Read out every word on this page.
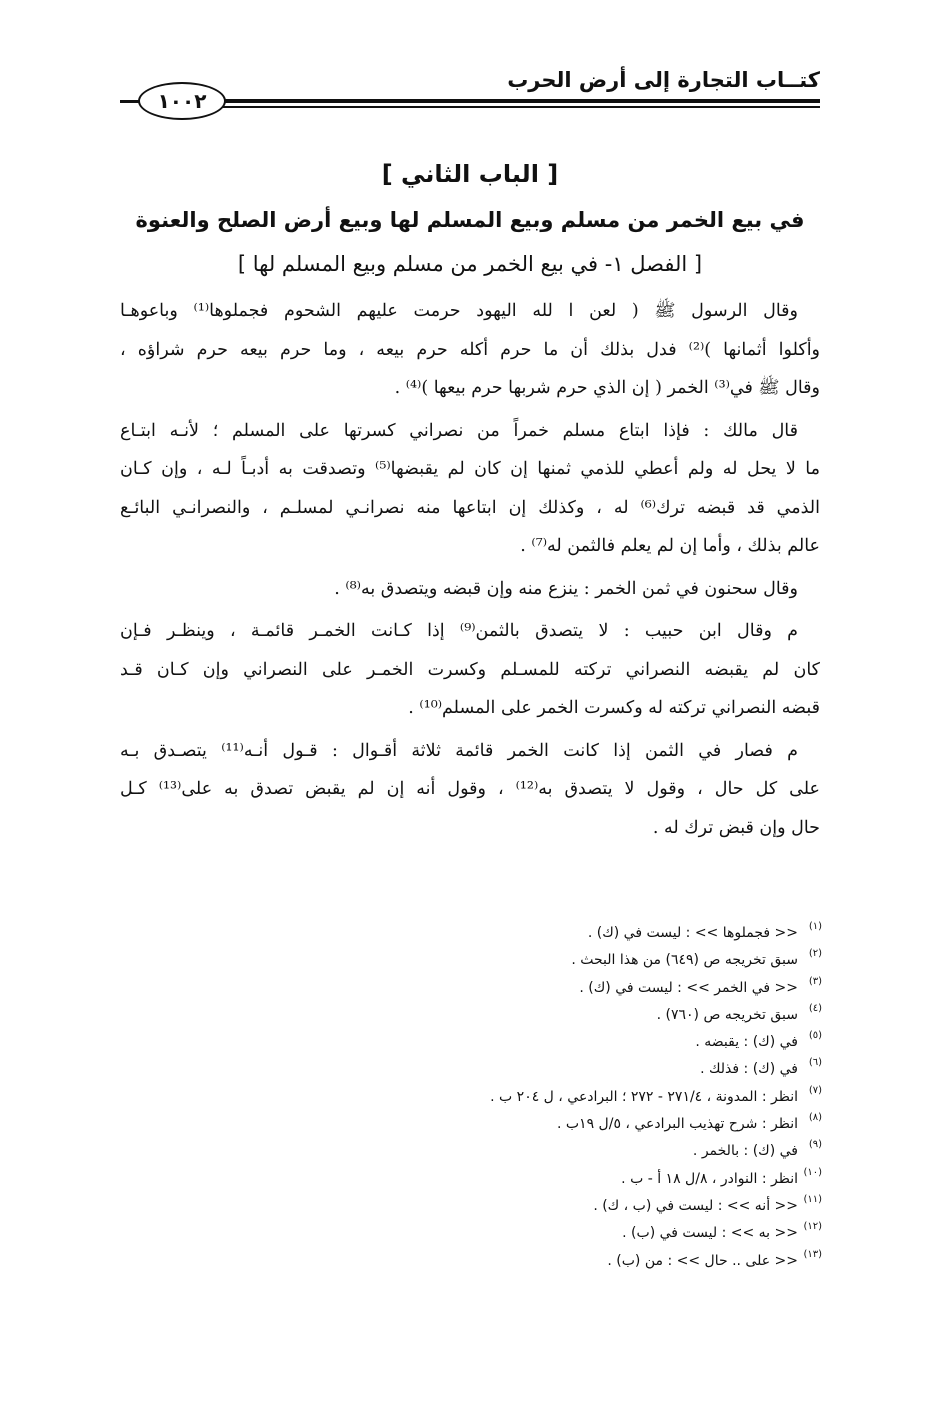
كتــاب التجارة إلى أرض الحرب
١٠٠٢
[ الباب الثاني ]
في بيع الخمر من مسلم وبيع المسلم لها وبيع أرض الصلح والعنوة
[ الفصل ١- في بيع الخمر من مسلم وبيع المسلم لها ]
وقال الرسول ﷺ ( لعن ا لله اليهود حرمت عليهم الشحوم فجملوها⁽¹⁾ وباعوهـا
وأكلوا أثمانها )⁽²⁾ فدل بذلك أن ما حرم أكله حرم بيعه ، وما حرم بيعه حرم شراؤه ،
وقال ﷺ في⁽³⁾ الخمر ( إن الذي حرم شربها حرم بيعها )⁽⁴⁾ .
قال مالك : فإذا ابتاع مسلم خمراً من نصراني كسرتها على المسلم ؛ لأنـه ابتـاع
ما لا يحل له ولم أعطي للذمي ثمنها إن كان لم يقبضها⁽⁵⁾ وتصدقت به أدبـاً لـه ، وإن كـان
الذمي قد قبضه ترك⁽⁶⁾ له ، وكذلك إن ابتاعها منه نصرانـي لمسلـم ، والنصرانـي البائـع
عالم بذلك ، وأما إن لم يعلم فالثمن له⁽⁷⁾ .
وقال سحنون في ثمن الخمر : ينزع منه وإن قبضه ويتصدق به⁽⁸⁾ .
م وقال ابن حبيب : لا يتصدق بالثمن⁽⁹⁾ إذا كـانت الخمـر قائمـة ، وينظـر فـإن
كان لم يقبضه النصراني تركته للمسـلم وكسرت الخمـر على النصراني وإن كـان قـد
قبضه النصراني تركته له وكسرت الخمر على المسلم⁽¹⁰⁾ .
م فصار في الثمن إذا كانت الخمر قائمة ثلاثة أقـوال : قـول أنـه⁽¹¹⁾ يتصـدق بـه
على كل حال ، وقول لا يتصدق به⁽¹²⁾ ، وقول أنه إن لم يقبض تصدق به على⁽¹³⁾ كـل
حال وإن قبض ترك له .
(١)
<< فجملوها >> : ليست في (ك) .
(٢)
سبق تخريجه ص (٦٤٩) من هذا البحث .
(٣)
<< في الخمر >> : ليست في (ك) .
(٤)
سبق تخريجه ص (٧٦٠) .
(٥)
في (ك) : يقبضه .
(٦)
في (ك) : فذلك .
(٧)
انظر : المدونة ، ٢٧١/٤ - ٢٧٢ ؛ البرادعي ، ل ٢٠٤ ب .
(٨)
انظر : شرح تهذيب البرادعي ، ٥/ل ١٩ب .
(٩)
في (ك) : بالخمر .
(١٠)
انظر : النوادر ، ٨/ل ١٨ أ - ب .
(١١)
<< أنه >> : ليست في (ب ، ك) .
(١٢)
<< به >> : ليست في (ب) .
(١٣)
<< على .. حال >> : من (ب) .
